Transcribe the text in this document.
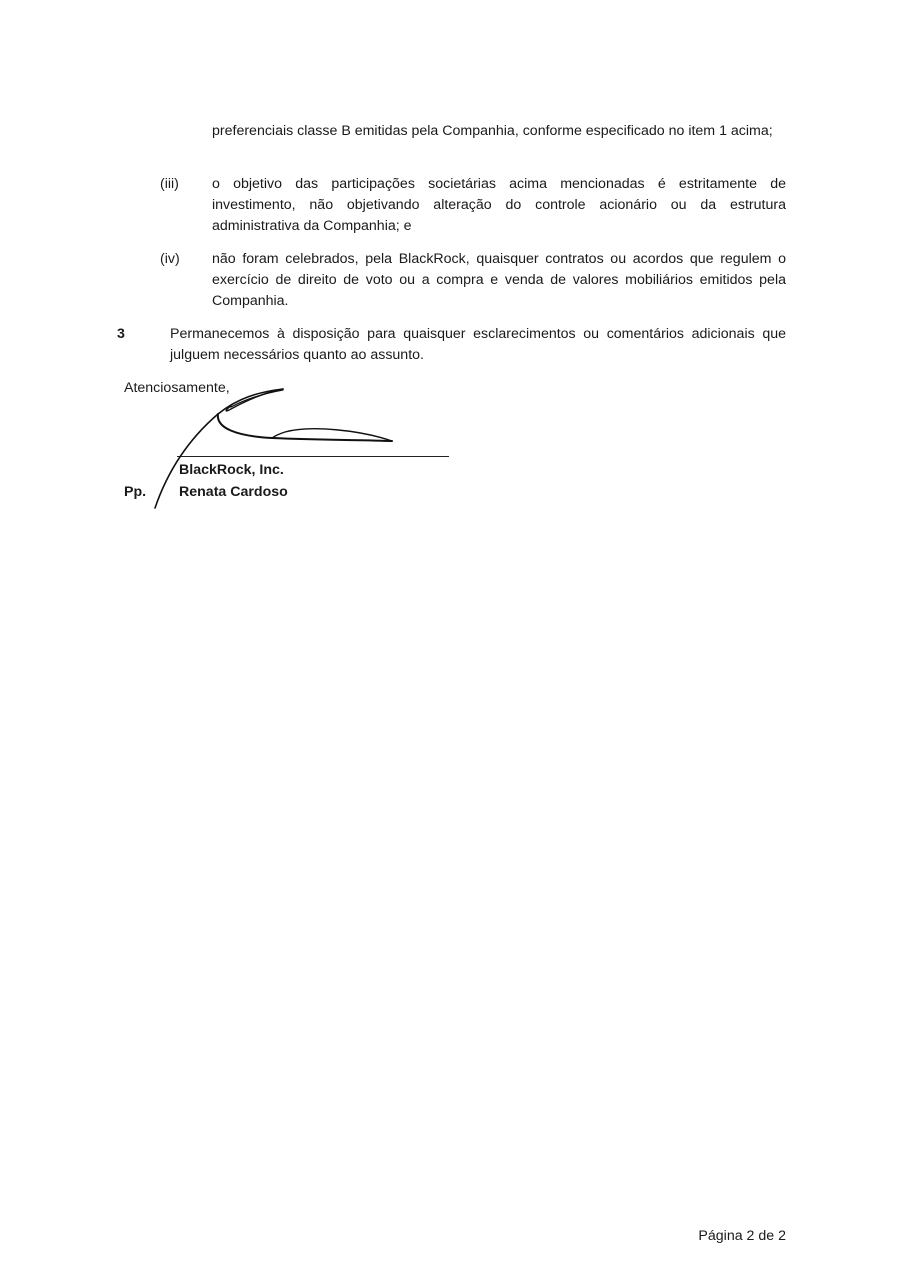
preferenciais classe B emitidas pela Companhia, conforme especificado no item 1 acima;
(iii) o objetivo das participações societárias acima mencionadas é estritamente de investimento, não objetivando alteração do controle acionário ou da estrutura administrativa da Companhia; e
(iv) não foram celebrados, pela BlackRock, quaisquer contratos ou acordos que regulem o exercício de direito de voto ou a compra e venda de valores mobiliários emitidos pela Companhia.
3	Permanecemos à disposição para quaisquer esclarecimentos ou comentários adicionais que julguem necessários quanto ao assunto.
Atenciosamente,
BlackRock, Inc.
Pp. Renata Cardoso
Página 2 de 2
